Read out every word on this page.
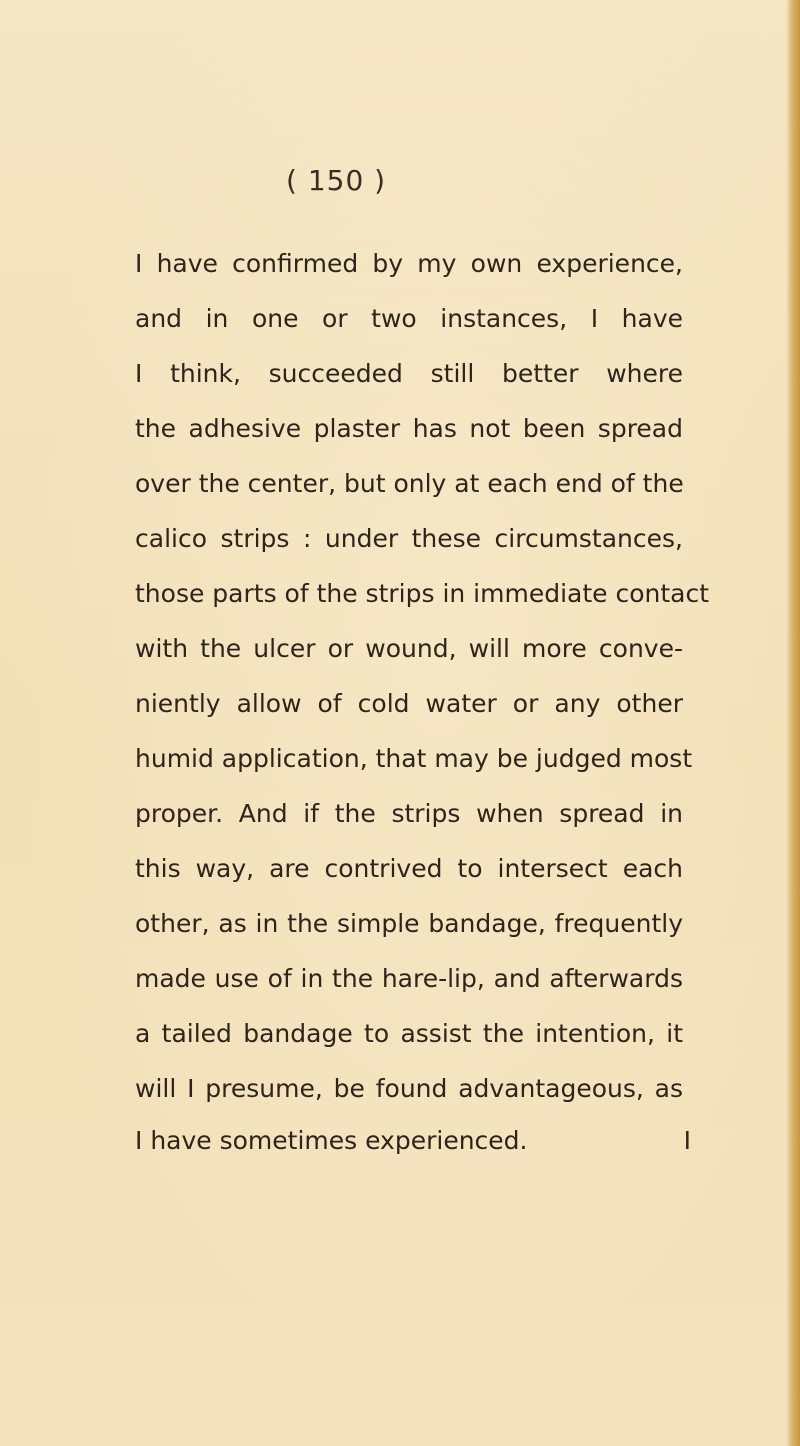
( 150 )
I have confirmed by my own experience,
and in one or two instances, I have
I think, succeeded still better where
the adhesive plaster has not been spread
over the center, but only at each end of the
calico strips : under these circumstances,
those parts of the strips in immediate contact
with the ulcer or wound, will more conve-
niently allow of cold water or any other
humid application, that may be judged most
proper. And if the strips when spread in
this way, are contrived to intersect each
other, as in the simple bandage, frequently
made use of in the hare-lip, and afterwards
a tailed bandage to assist the intention, it
will I presume, be found advantageous, as
I have sometimes experienced.	I
